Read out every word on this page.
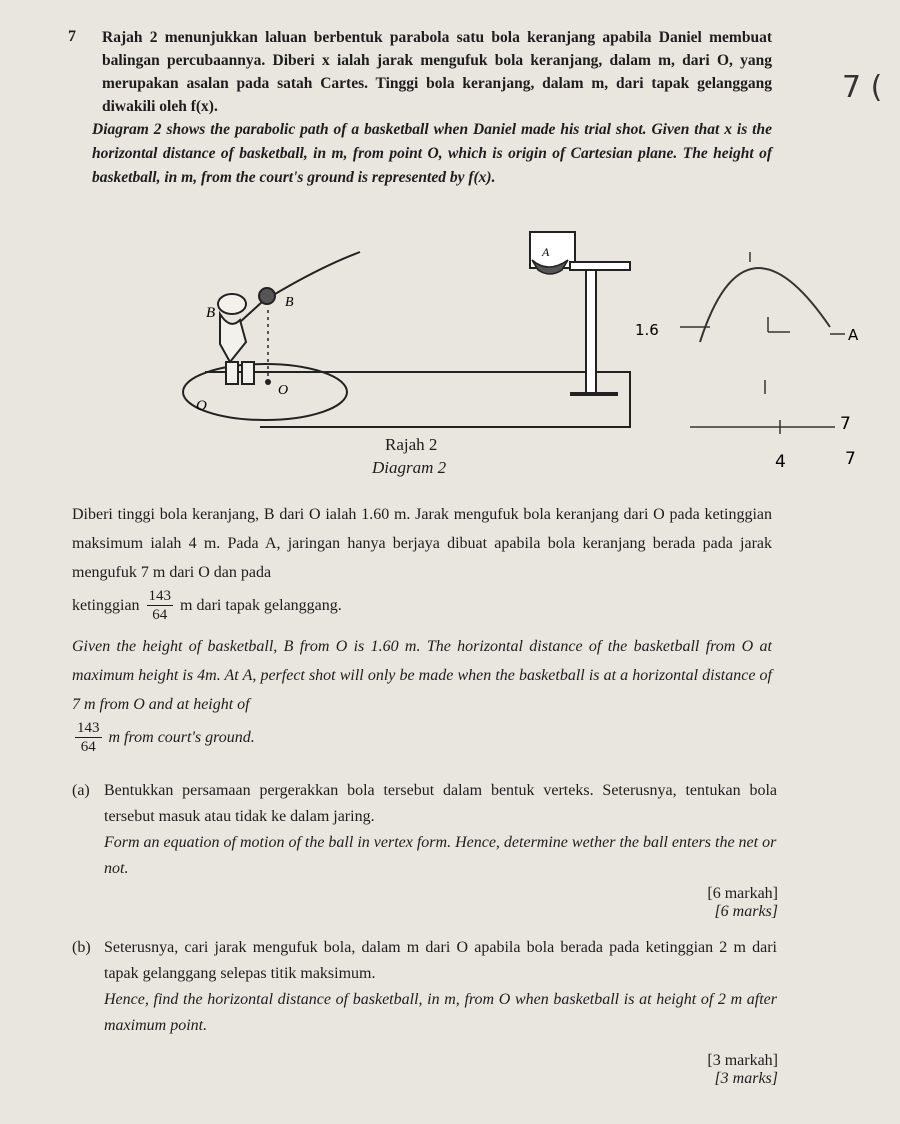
7 Rajah 2 menunjukkan laluan berbentuk parabola satu bola keranjang apabila Daniel membuat balingan percubaannya. Diberi x ialah jarak mengufuk bola keranjang, dalam m, dari O, yang merupakan asalan pada satah Cartes. Tinggi bola keranjang, dalam m, dari tapak gelanggang diwakili oleh f(x).
Diagram 2 shows the parabolic path of a basketball when Daniel made his trial shot. Given that x is the horizontal distance of basketball, in m, from point O, which is origin of Cartesian plane. The height of basketball, in m, from the court's ground is represented by f(x).
A
B
B
O
O
1.6	A
7
4	7
7 (
Rajah 2
Diagram 2
Diberi tinggi bola keranjang, B dari O ialah 1.60 m. Jarak mengufuk bola keranjang dari O pada ketinggian maksimum ialah 4 m. Pada A, jaringan hanya berjaya dibuat apabila bola keranjang berada pada jarak mengufuk 7 m dari O dan pada
ketinggian $\frac{143}{64}$ m dari tapak gelanggang.
Given the height of basketball, B from O is 1.60 m. The horizontal distance of the basketball from O at maximum height is 4m. At A, perfect shot will only be made when the basketball is at a horizontal distance of 7 m from O and at height of
$\frac{143}{64}$ m from court's ground.
(a) Bentukkan persamaan pergerakkan bola tersebut dalam bentuk verteks. Seterusnya, tentukan bola tersebut masuk atau tidak ke dalam jaring.
Form an equation of motion of the ball in vertex form. Hence, determine wether the ball enters the net or not.
[6 markah]
[6 marks]
(b) Seterusnya, cari jarak mengufuk bola, dalam m dari O apabila bola berada pada ketinggian 2 m dari tapak gelanggang selepas titik maksimum.
Hence, find the horizontal distance of basketball, in m, from O when basketball is at height of 2 m after maximum point.
[3 markah]
[3 marks]
